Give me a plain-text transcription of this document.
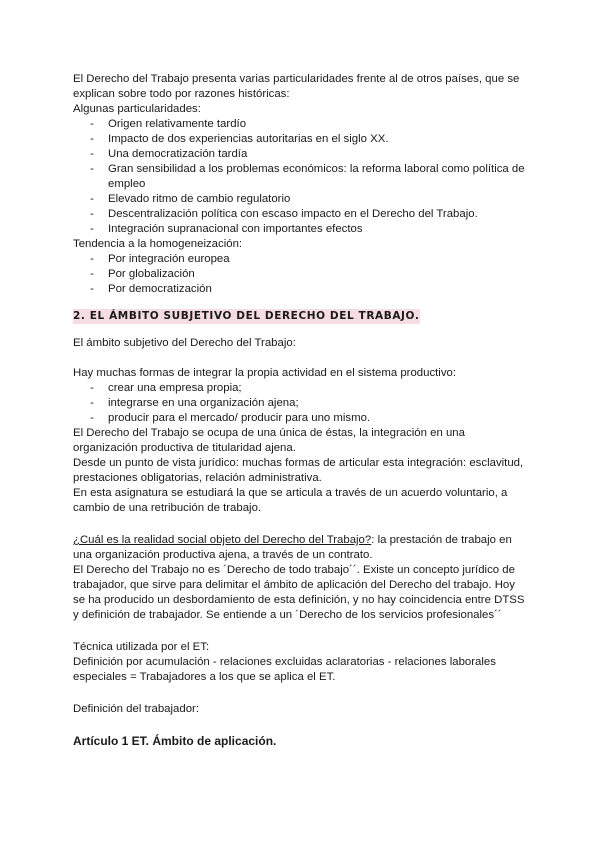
El Derecho del Trabajo presenta varias particularidades frente al de otros países, que se explican sobre todo por razones históricas:

Algunas particularidades:

- Origen relativamente tardío
- Impacto de dos experiencias autoritarias en el siglo XX.
- Una democratización tardía
- Gran sensibilidad a los problemas económicos: la reforma laboral como política de empleo
- Elevado ritmo de cambio regulatorio
- Descentralización política con escaso impacto en el Derecho del Trabajo.
- Integración supranacional con importantes efectos

Tendencia a la homogeneización:

- Por integración europea
- Por globalización
- Por democratización

2. EL ÁMBITO SUBJETIVO DEL DERECHO DEL TRABAJO.

El ámbito subjetivo del Derecho del Trabajo:

Hay muchas formas de integrar la propia actividad en el sistema productivo:

- crear una empresa propia;
- integrarse en una organización ajena;
- producir para el mercado/ producir para uno mismo.

El Derecho del Trabajo se ocupa de una única de éstas, la integración en una organización productiva de titularidad ajena.

Desde un punto de vista jurídico: muchas formas de articular esta integración: esclavitud, prestaciones obligatorias, relación administrativa.

En esta asignatura se estudiará la que se articula a través de un acuerdo voluntario, a cambio de una retribución de trabajo.

¿Cuál es la realidad social objeto del Derecho del Trabajo?: la prestación de trabajo en una organización productiva ajena, a través de un contrato.

El Derecho del Trabajo no es ´Derecho de todo trabajo´´. Existe un concepto jurídico de trabajador, que sirve para delimitar el ámbito de aplicación del Derecho del trabajo. Hoy se ha producido un desbordamiento de esta definición, y no hay coincidencia entre DTSS y definición de trabajador. Se entiende a un ´Derecho de los servicios profesionales´´

Técnica utilizada por el ET:

Definición por acumulación - relaciones excluidas aclaratorias - relaciones laborales especiales = Trabajadores a los que se aplica el ET.

Definición del trabajador:

Artículo 1 ET. Ámbito de aplicación.
